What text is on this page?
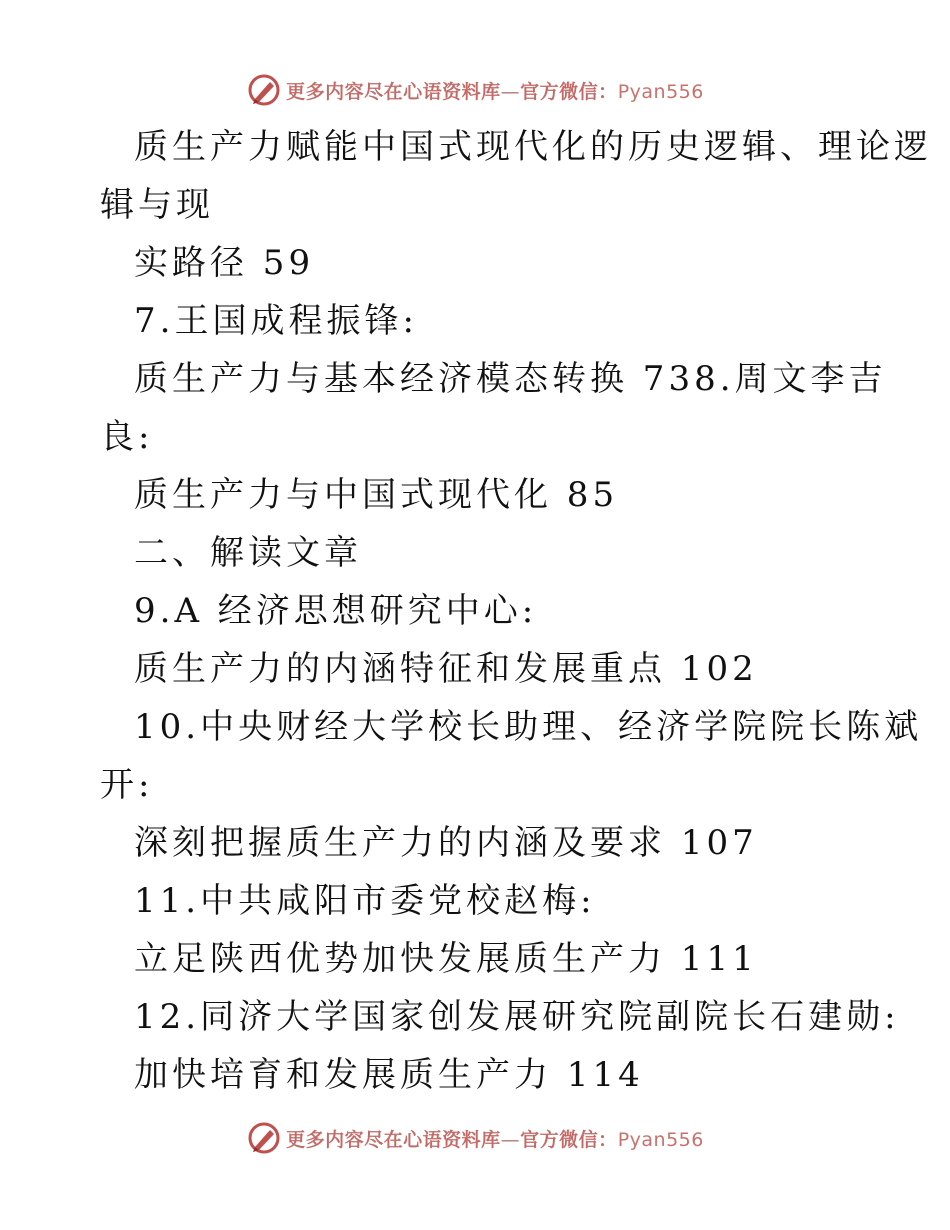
更多内容尽在心语资料库—官方微信：Pyan556
质生产力赋能中国式现代化的历史逻辑、理论逻
辑与现
实路径 59
7.王国成程振锋:
质生产力与基本经济模态转换 738.周文李吉
良:
质生产力与中国式现代化 85
二、解读文章
9.A 经济思想研究中心:
质生产力的内涵特征和发展重点 102
10.中央财经大学校长助理、经济学院院长陈斌
开:
深刻把握质生产力的内涵及要求 107
11.中共咸阳市委党校赵梅:
立足陕西优势加快发展质生产力 111
12.同济大学国家创发展研究院副院长石建勋:
加快培育和发展质生产力 114
更多内容尽在心语资料库—官方微信：Pyan556
